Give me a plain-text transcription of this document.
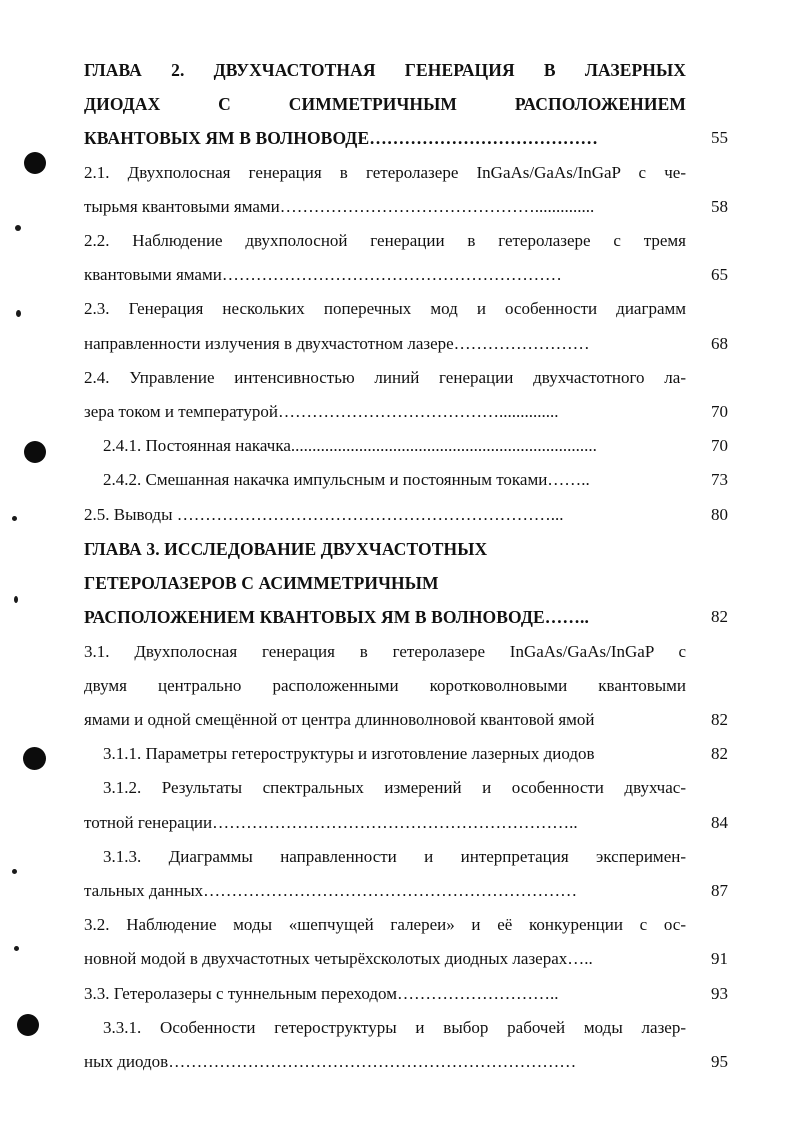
ГЛАВА 2. ДВУХЧАСТОТНАЯ ГЕНЕРАЦИЯ В ЛАЗЕРНЫХ
ДИОДАХ С СИММЕТРИЧНЫМ РАСПОЛОЖЕНИЕМ
КВАНТОВЫХ ЯМ В ВОЛНОВОДЕ…………………………………	55
2.1. Двухполосная генерация в гетеролазере InGaAs/GaAs/InGaP с че-
тырьмя квантовыми ямами………………………………………..............	58
2.2. Наблюдение двухполосной генерации в гетеролазере с тремя
квантовыми ямами……………………………………………………	65
2.3. Генерация нескольких поперечных мод и особенности диаграмм
направленности излучения в двухчастотном лазере……………………	68
2.4. Управление интенсивностью линий генерации двухчастотного ла-
зера током и температурой…………………………………..............	70
2.4.1. Постоянная накачка........................................................................	70
2.4.2. Смешанная накачка импульсным и постоянным токами……..	73
2.5. Выводы …………………………………………………………...	80
ГЛАВА 3. ИССЛЕДОВАНИЕ ДВУХЧАСТОТНЫХ
ГЕТЕРОЛАЗЕРОВ С АСИММЕТРИЧНЫМ
РАСПОЛОЖЕНИЕМ КВАНТОВЫХ ЯМ В ВОЛНОВОДЕ……..	82
3.1. Двухполосная генерация в гетеролазере InGaAs/GaAs/InGaP с
двумя центрально расположенными коротковолновыми квантовыми
ямами и одной смещённой от центра длинноволновой квантовой ямой	82
3.1.1. Параметры гетероструктуры и изготовление лазерных диодов	82
3.1.2. Результаты спектральных измерений и особенности двухчас-
тотной генерации………………………………………………………..	84
3.1.3. Диаграммы направленности и интерпретация эксперимен-
тальных данных…………………………………………………………	87
3.2. Наблюдение моды «шепчущей галереи» и её конкуренции с ос-
новной модой в двухчастотных четырёхсколотых диодных лазерах…..	91
3.3. Гетеролазеры с туннельным переходом………………………..	93
3.3.1. Особенности гетероструктуры и выбор рабочей моды лазер-
ных диодов………………………………………………………………	95
